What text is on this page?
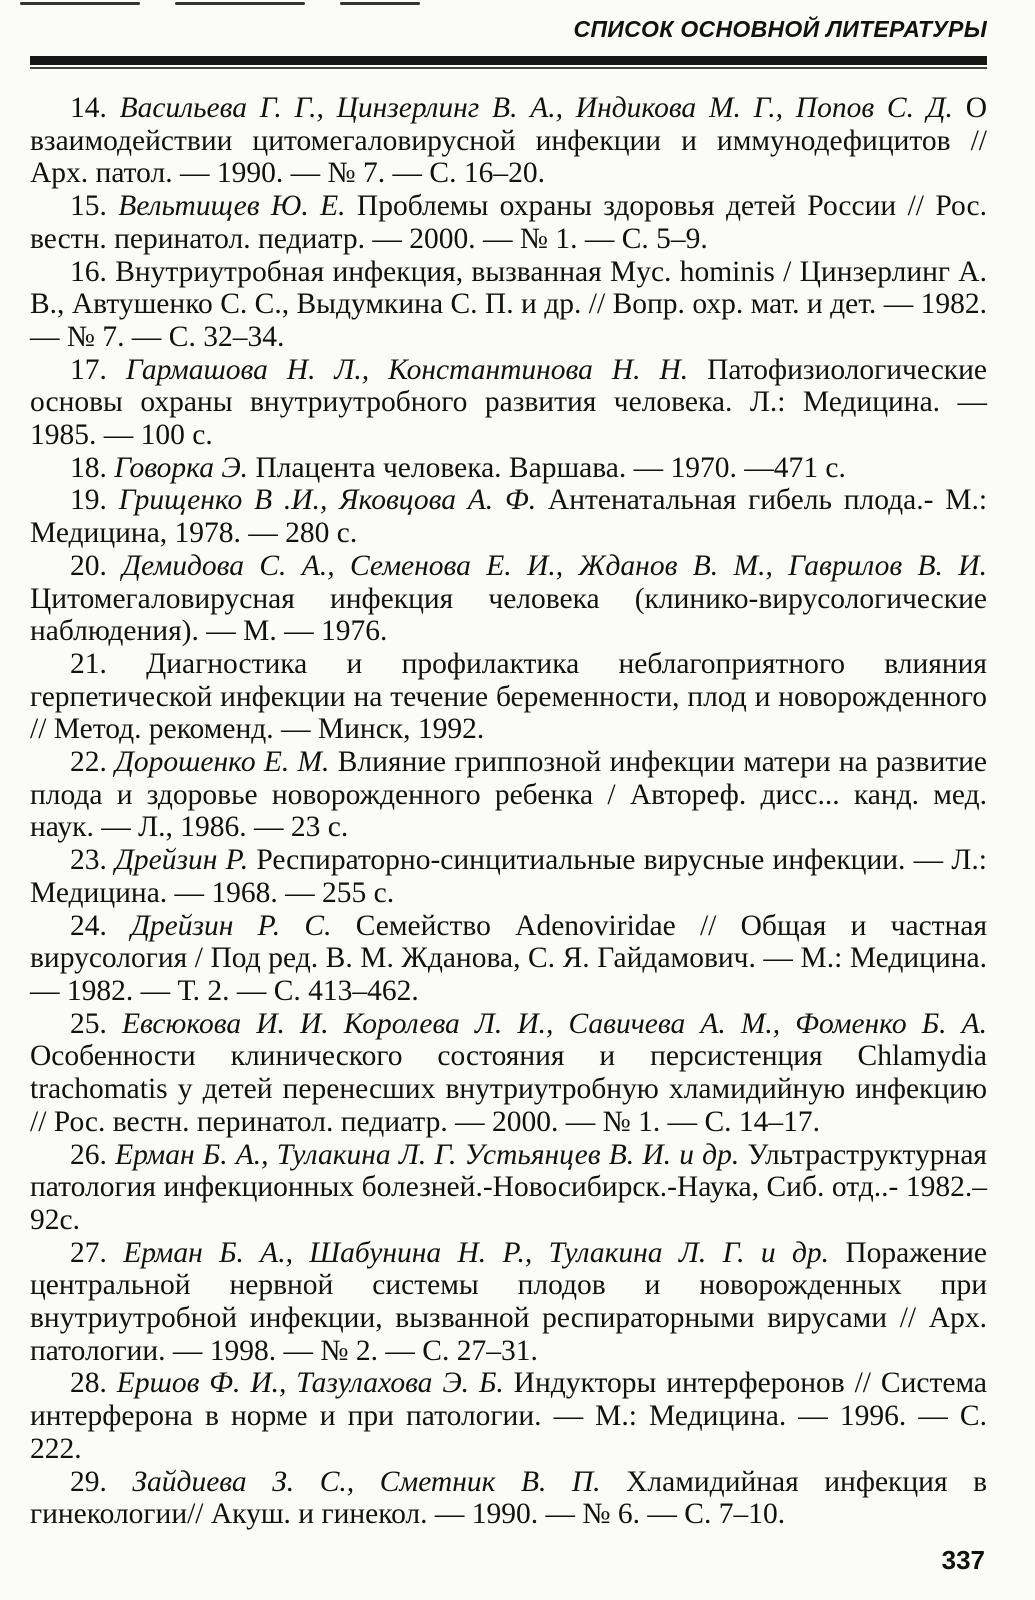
СПИСОК ОСНОВНОЙ ЛИТЕРАТУРЫ

14. Васильева Г. Г., Цинзерлинг В. А., Индикова М. Г., Попов С. Д. О взаимодействии цитомегаловирусной инфекции и иммунодефицитов // Арх. патол. — 1990. — № 7. — С. 16–20.

15. Вельтищев Ю. Е. Проблемы охраны здоровья детей России // Рос. вестн. перинатол. педиатр. — 2000. — № 1. — С. 5–9.

16. Внутриутробная инфекция, вызванная Myc. hominis / Цинзерлинг А. В., Автушенко С. С., Выдумкина С. П. и др. // Вопр. охр. мат. и дет. — 1982. — № 7. — С. 32–34.

17. Гармашова Н. Л., Константинова Н. Н. Патофизиологические основы охраны внутриутробного развития человека. Л.: Медицина. — 1985. — 100 с.

18. Говорка Э. Плацента человека. Варшава. — 1970. —471 с.

19. Грищенко В .И., Яковцова А. Ф. Антенатальная гибель плода.- М.: Медицина, 1978. — 280 с.

20. Демидова С. А., Семенова Е. И., Жданов В. М., Гаврилов В. И. Цитомегаловирусная инфекция человека (клинико-вирусологические наблюдения). — М. — 1976.

21. Диагностика и профилактика неблагоприятного влияния герпетической инфекции на течение беременности, плод и новорожденного // Метод. рекоменд. — Минск, 1992.

22. Дорошенко Е. М. Влияние гриппозной инфекции матери на развитие плода и здоровье новорожденного ребенка / Автореф. дисс... канд. мед. наук. — Л., 1986. — 23 с.

23. Дрейзин Р. Респираторно-синцитиальные вирусные инфекции. — Л.: Медицина. — 1968. — 255 с.

24. Дрейзин Р. С. Семейство Adenoviridae // Общая и частная вирусология / Под ред. В. М. Жданова, С. Я. Гайдамович. — М.: Медицина. — 1982. — Т. 2. — С. 413–462.

25. Евсюкова И. И. Королева Л. И., Савичева А. М., Фоменко Б. А. Особенности клинического состояния и персистенция Chlamydia trachomatis у детей перенесших внутриутробную хламидийную инфекцию // Рос. вестн. перинатол. педиатр. — 2000. — № 1. — С. 14–17.

26. Ерман Б. А., Тулакина Л. Г. Устьянцев В. И. и др. Ультраструктурная патология инфекционных болезней.-Новосибирск.-Наука, Сиб. отд..- 1982.–92с.

27. Ерман Б. А., Шабунина Н. Р., Тулакина Л. Г. и др. Поражение центральной нервной системы плодов и новорожденных при внутриутробной инфекции, вызванной респираторными вирусами // Арх. патологии. — 1998. — № 2. — С. 27–31.

28. Ершов Ф. И., Тазулахова Э. Б. Индукторы интерферонов // Система интерферона в норме и при патологии. — М.: Медицина. — 1996. — С. 222.

29. Зайдиева З. С., Сметник В. П. Хламидийная инфекция в гинекологии// Акуш. и гинекол. — 1990. — № 6. — С. 7–10.

337
